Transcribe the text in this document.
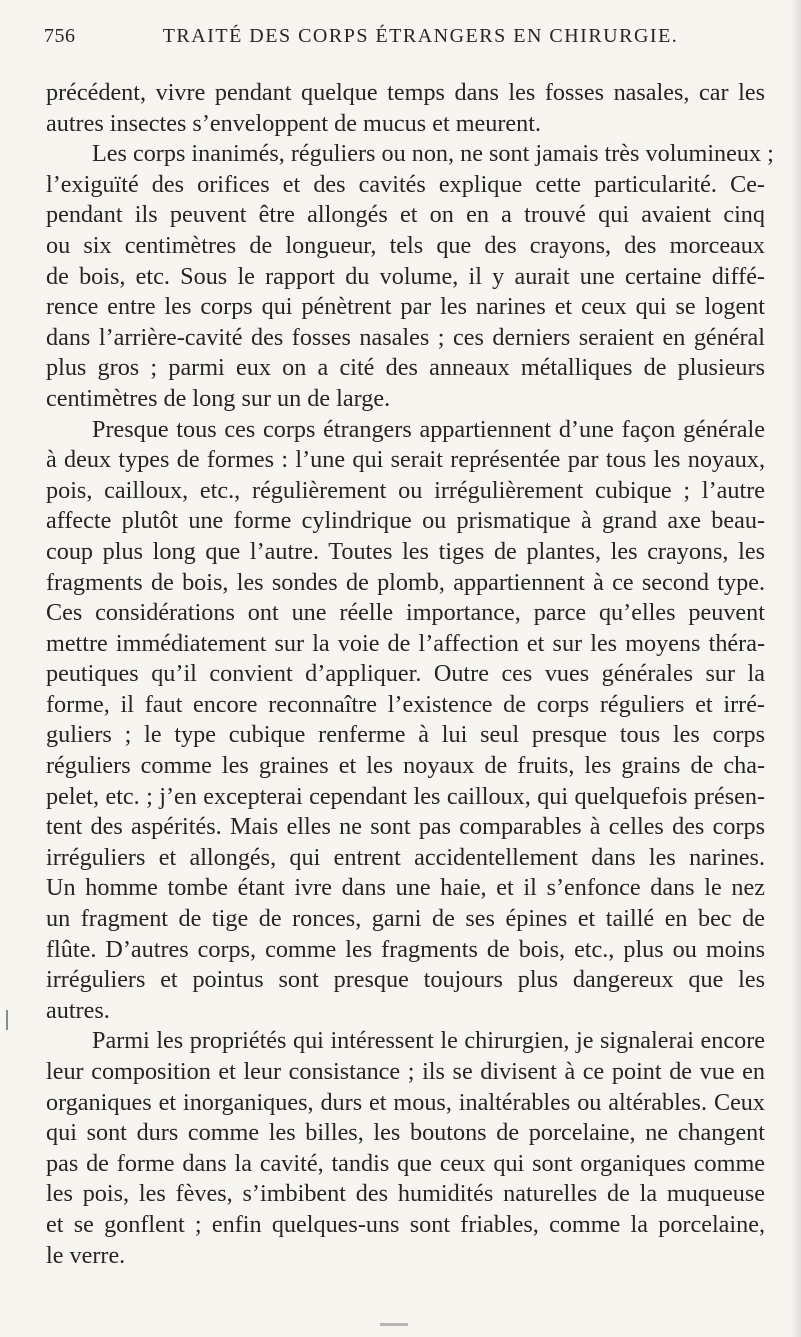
756	TRAITÉ DES CORPS ÉTRANGERS EN CHIRURGIE.
précédent, vivre pendant quelque temps dans les fosses nasales, car les
autres insectes s’enveloppent de mucus et meurent.
Les corps inanimés, réguliers ou non, ne sont jamais très volumineux ;
l’exiguïté des orifices et des cavités explique cette particularité. Ce-
pendant ils peuvent être allongés et on en a trouvé qui avaient cinq
ou six centimètres de longueur, tels que des crayons, des morceaux
de bois, etc. Sous le rapport du volume, il y aurait une certaine diffé-
rence entre les corps qui pénètrent par les narines et ceux qui se logent
dans l’arrière-cavité des fosses nasales ; ces derniers seraient en général
plus gros ; parmi eux on a cité des anneaux métalliques de plusieurs
centimètres de long sur un de large.
Presque tous ces corps étrangers appartiennent d’une façon générale
à deux types de formes : l’une qui serait représentée par tous les noyaux,
pois, cailloux, etc., régulièrement ou irrégulièrement cubique ; l’autre
affecte plutôt une forme cylindrique ou prismatique à grand axe beau-
coup plus long que l’autre. Toutes les tiges de plantes, les crayons, les
fragments de bois, les sondes de plomb, appartiennent à ce second type.
Ces considérations ont une réelle importance, parce qu’elles peuvent
mettre immédiatement sur la voie de l’affection et sur les moyens théra-
peutiques qu’il convient d’appliquer. Outre ces vues générales sur la
forme, il faut encore reconnaître l’existence de corps réguliers et irré-
guliers ; le type cubique renferme à lui seul presque tous les corps
réguliers comme les graines et les noyaux de fruits, les grains de cha-
pelet, etc. ; j’en excepterai cependant les cailloux, qui quelquefois présen-
tent des aspérités. Mais elles ne sont pas comparables à celles des corps
irréguliers et allongés, qui entrent accidentellement dans les narines.
Un homme tombe étant ivre dans une haie, et il s’enfonce dans le nez
un fragment de tige de ronces, garni de ses épines et taillé en bec de
flûte. D’autres corps, comme les fragments de bois, etc., plus ou moins
irréguliers et pointus sont presque toujours plus dangereux que les
autres.
Parmi les propriétés qui intéressent le chirurgien, je signalerai encore
leur composition et leur consistance ; ils se divisent à ce point de vue en
organiques et inorganiques, durs et mous, inaltérables ou altérables. Ceux
qui sont durs comme les billes, les boutons de porcelaine, ne changent
pas de forme dans la cavité, tandis que ceux qui sont organiques comme
les pois, les fèves, s’imbibent des humidités naturelles de la muqueuse
et se gonflent ; enfin quelques-uns sont friables, comme la porcelaine,
le verre.
